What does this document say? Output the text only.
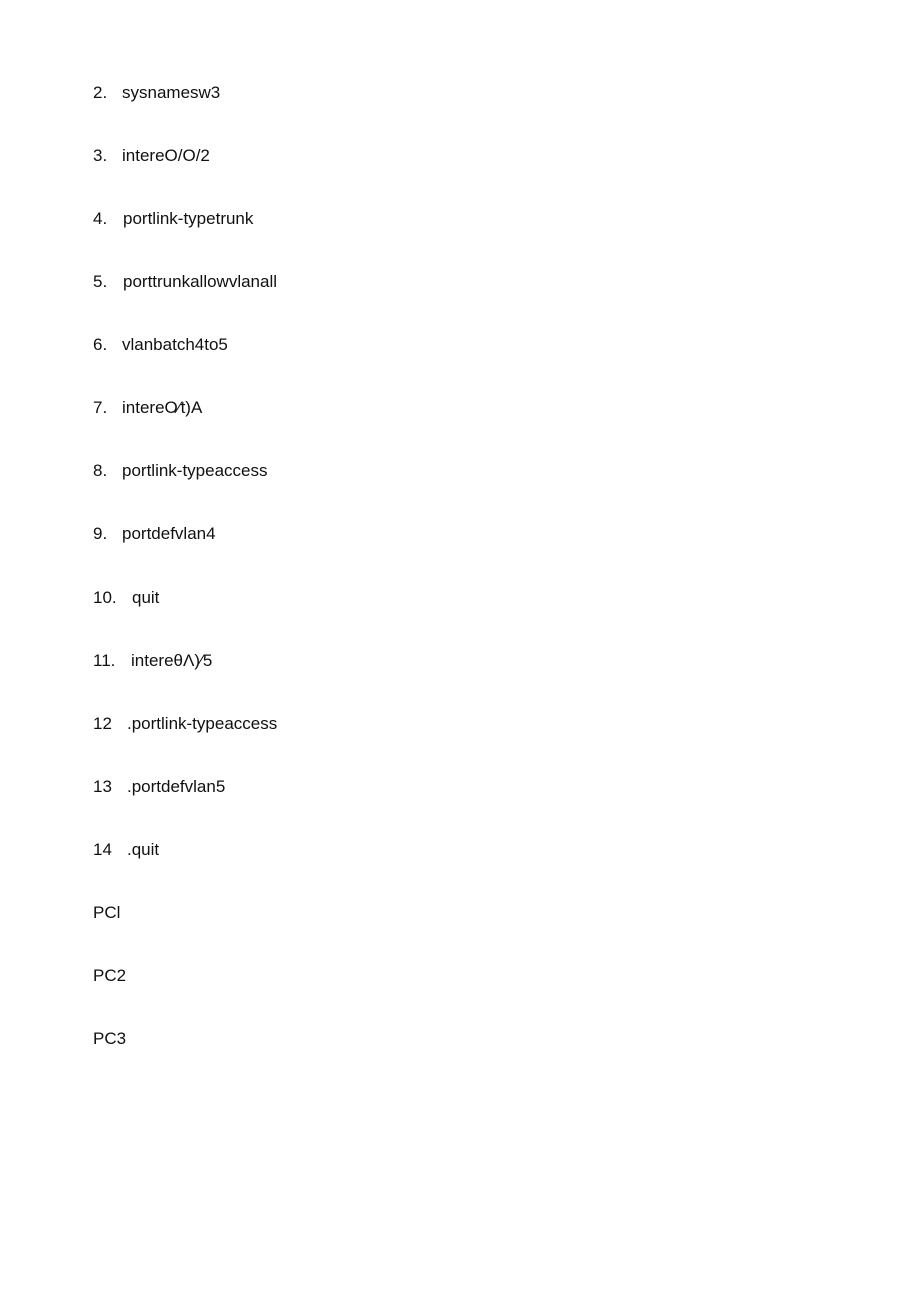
2. sysnamesw3
3. intereO/O/2
4. portlink-typetrunk
5. porttrunkallowvlanall
6. vlanbatch4to5
7. intereO⁄t)A
8. portlink-typeaccess
9. portdefvlan4
10. quit
11. intereθΛ)⁄5
12 .portlink-typeaccess
13 .portdefvlan5
14 .quit
PCl
PC2
PC3
